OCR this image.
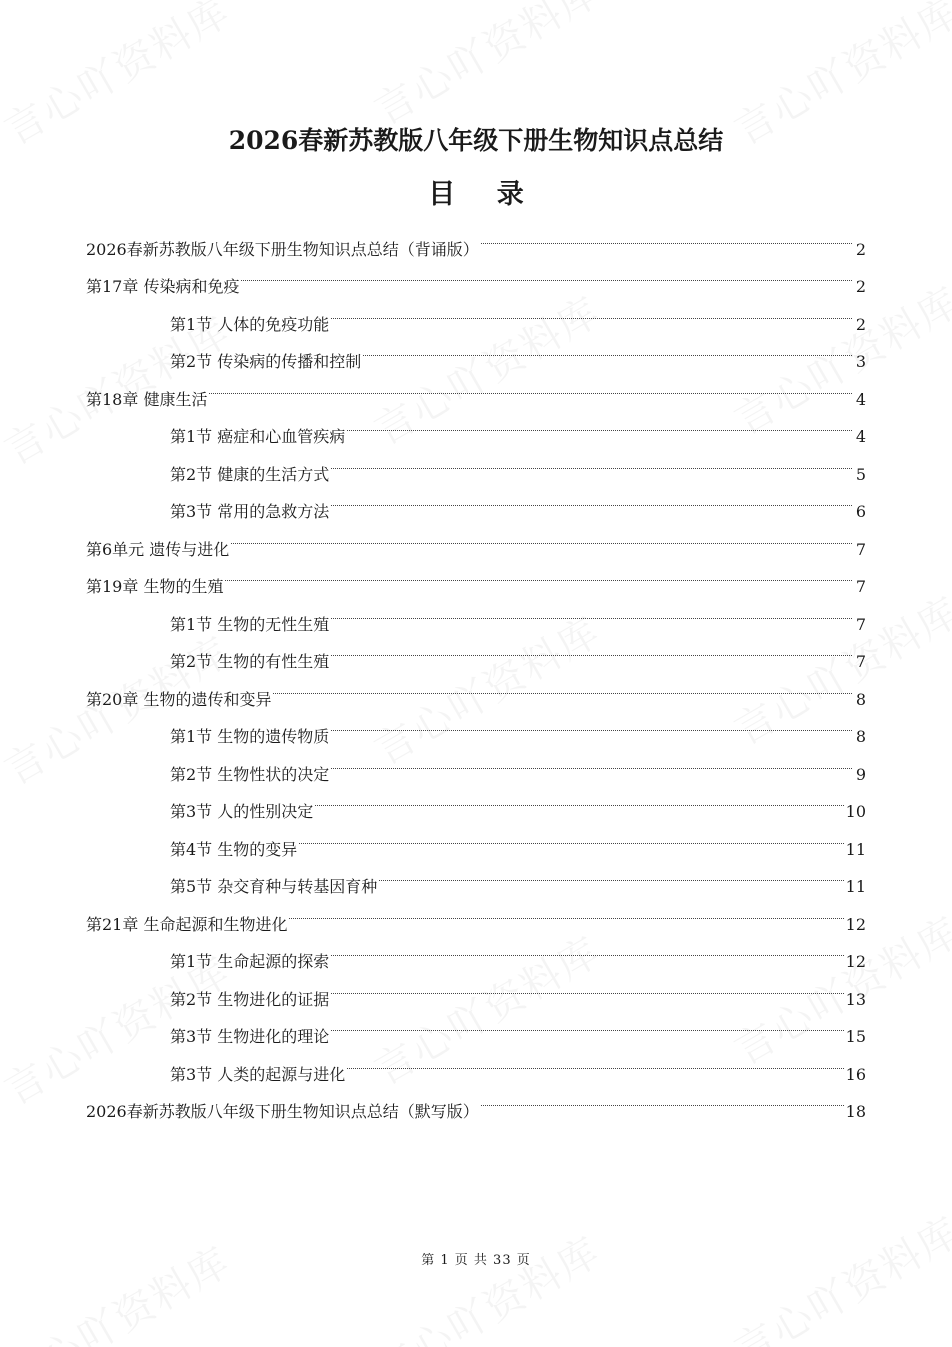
2026春新苏教版八年级下册生物知识点总结
目 录
2026春新苏教版八年级下册生物知识点总结（背诵版）	2
第17章 传染病和免疫	2
第1节 人体的免疫功能	2
第2节 传染病的传播和控制	3
第18章 健康生活	4
第1节 癌症和心血管疾病	4
第2节 健康的生活方式	5
第3节 常用的急救方法	6
第6单元 遗传与进化	7
第19章 生物的生殖	7
第1节 生物的无性生殖	7
第2节 生物的有性生殖	7
第20章 生物的遗传和变异	8
第1节 生物的遗传物质	8
第2节 生物性状的决定	9
第3节 人的性别决定	10
第4节 生物的变异	11
第5节 杂交育种与转基因育种	11
第21章 生命起源和生物进化	12
第1节 生命起源的探索	12
第2节 生物进化的证据	13
第3节 生物进化的理论	15
第3节 人类的起源与进化	16
2026春新苏教版八年级下册生物知识点总结（默写版）	18
第 1 页 共 33 页
